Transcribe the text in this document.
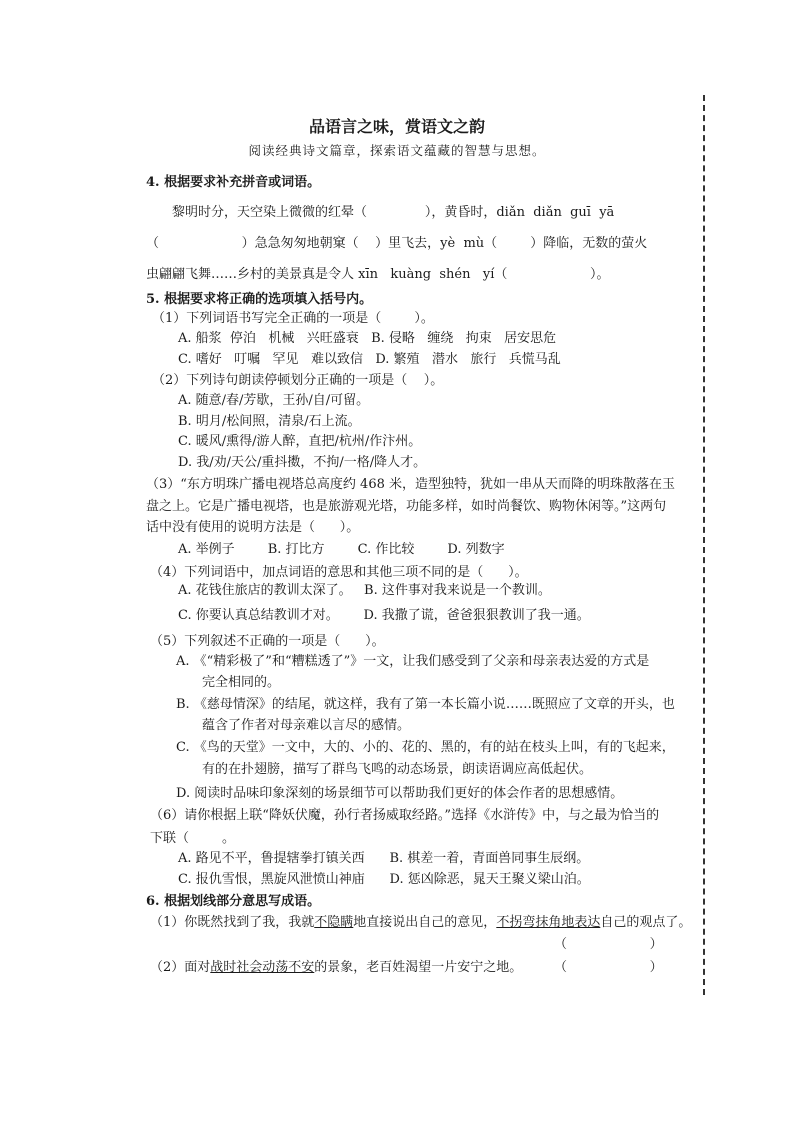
品语言之味，赏语文之韵
阅读经典诗文篇章，探索语文蕴藏的智慧与思想。
4. 根据要求补充拼音或词语。
黎明时分，天空染上微微的红晕（              ），黄昏时，diǎn  diǎn  guī  yā
（                    ）急急匆匆地朝窠（    ）里飞去，yè  mù（        ）降临，无数的萤火
虫翩翩飞舞……乡村的美景真是令人 xīn   kuàng  shén   yí（                    ）。
5. 根据要求将正确的选项填入括号内。
（1）下列词语书写完全正确的一项是（        ）。
A. 船浆  停泊   机械   兴旺盛衰   B. 侵略   缠绕   拘束   居安思危
C. 嗜好   叮嘱   罕见   难以致信   D. 繁殖   潜水   旅行   兵慌马乱
（2）下列诗句朗读停顿划分正确的一项是（    ）。
A. 随意/春/芳歇，王孙/自/可留。
B. 明月/松间照，清泉/石上流。
C. 暖风/熏得/游人醉，直把/杭州/作汴州。
D. 我/劝/天公/重抖擞，不拘/一格/降人才。
（3）“东方明珠广播电视塔总高度约 468 米，造型独特，犹如一串从天而降的明珠散落在玉
盘之上。它是广播电视塔，也是旅游观光塔，功能多样，如时尚餐饮、购物休闲等。”这两句
话中没有使用的说明方法是（      ）。
A. 举例子        B. 打比方        C. 作比较        D. 列数字
（4）下列词语中，加点词语的意思和其他三项不同的是（      ）。
A. 花钱住旅店的教训太深了。   B. 这件事对我来说是一个教训。
C. 你要认真总结教训才对。      D. 我撒了谎，爸爸狠狠教训了我一通。
（5）下列叙述不正确的一项是（      ）。
A. 《“精彩极了”和“糟糕透了”》一文，让我们感受到了父亲和母亲表达爱的方式是
完全相同的。
B. 《慈母情深》的结尾，就这样，我有了第一本长篇小说……既照应了文章的开头，也
蕴含了作者对母亲难以言尽的感情。
C. 《鸟的天堂》一文中，大的、小的、花的、黑的，有的站在枝头上叫，有的飞起来，
有的在扑翅膀，描写了群鸟飞鸣的动态场景，朗读语调应高低起伏。
D. 阅读时品味印象深刻的场景细节可以帮助我们更好的体会作者的思想感情。
（6）请你根据上联“降妖伏魔，孙行者扬威取经路。”选择《水浒传》中，与之最为恰当的
下联（        。
A. 路见不平，鲁提辖拳打镇关西      B. 棋差一着，青面兽同事生辰纲。
C. 报仇雪恨，黑旋风泄愤山神庙      D. 惩凶除恶，晁天王聚义梁山泊。
6. 根据划线部分意思写成语。
（1）你既然找到了我，我就不隐瞒地直接说出自己的意见，不拐弯抹角地表达自己的观点了。
（                    ）
（2）面对战时社会动荡不安的景象，老百姓渴望一片安宁之地。 （                    ）
